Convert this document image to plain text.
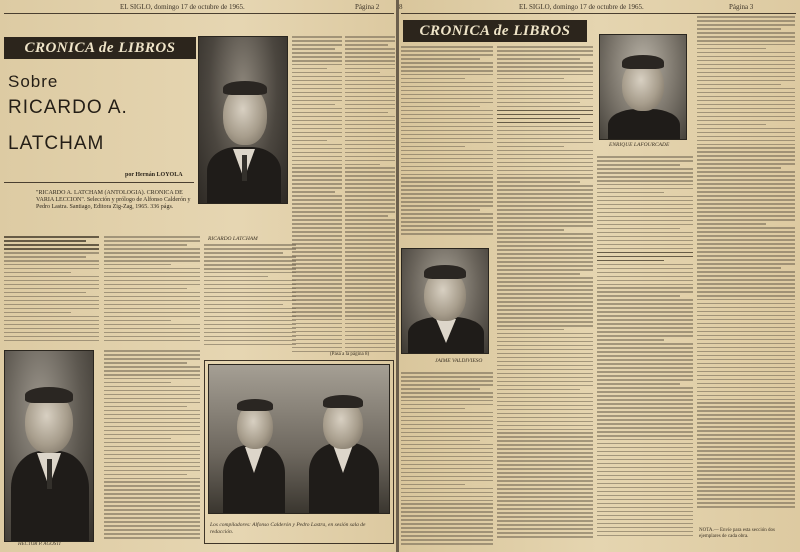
EL SIGLO, domingo 17 de octubre de 1965.	Página 2
CRONICA de LIBROS
Sobre
RICARDO A.
LATCHAM
por Hernán LOYOLA
"RICARDO A. LATCHAM (ANTOLOGIA). CRONICA DE VARIA LECCION". Selección y prólogo de Alfonso Calderón y Pedro Lastra. Santiago, Editora Zig-Zag, 1965. 336 págs.
RICARDO LATCHAM
HECTOR P. AGOSTI
Los compiladores: Alfonso Calderón y Pedro Lastra, en sesión sala de redacción.
(Pasa a la página 8)
8	EL SIGLO, domingo 17 de octubre de 1965.	Página 3
CRONICA de LIBROS
ENRIQUE LAFOURCADE
JAIME VALDIVIESO
NOTA.— Envíe para esta sección dos ejemplares de cada obra.
